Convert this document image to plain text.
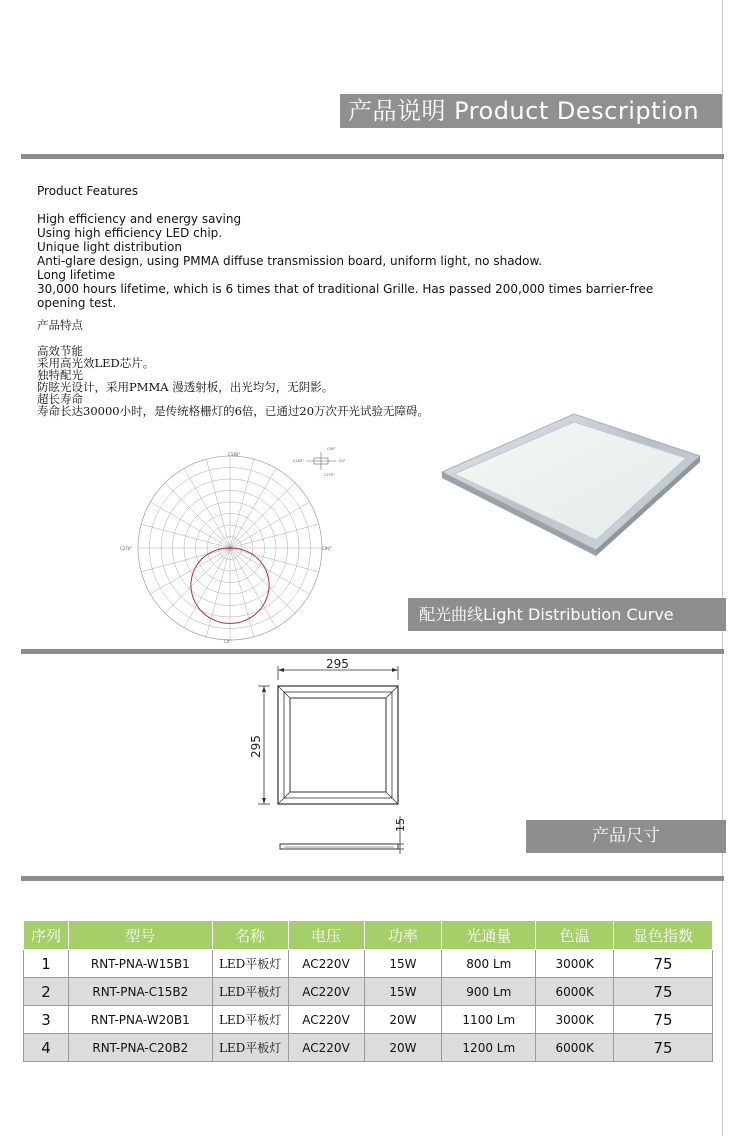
产品说明 Product Description

Product Features

High efficiency and energy saving

Using high efficiency LED chip.

Unique light distribution

Anti-glare design, using PMMA diffuse transmission board, uniform light, no shadow.

Long lifetime

30,000 hours lifetime, which is 6 times that of traditional Grille. Has passed 200,000 times barrier-free opening test.

产品特点

高效节能

采用高光效LED芯片。

独特配光

防眩光设计，采用PMMA 漫透射板，出光均匀，无阴影。

超长寿命

寿命长达30000小时，是传统格栅灯的6倍，已通过20万次开光试验无障碍。

C180°
C0°
C270°	C90°
C90°
C270°
C180°	C0°
配光曲线Light Distribution Curve
295
295
15
产品尺寸
序列	型号	名称	电压	功率	光通量	色温	显色指数
1	RNT-PNA-W15B1	LED平板灯	AC220V	15W	800 Lm	3000K	75
2	RNT-PNA-C15B2	LED平板灯	AC220V	15W	900 Lm	6000K	75
3	RNT-PNA-W20B1	LED平板灯	AC220V	20W	1100 Lm	3000K	75
4	RNT-PNA-C20B2	LED平板灯	AC220V	20W	1200 Lm	6000K	75
